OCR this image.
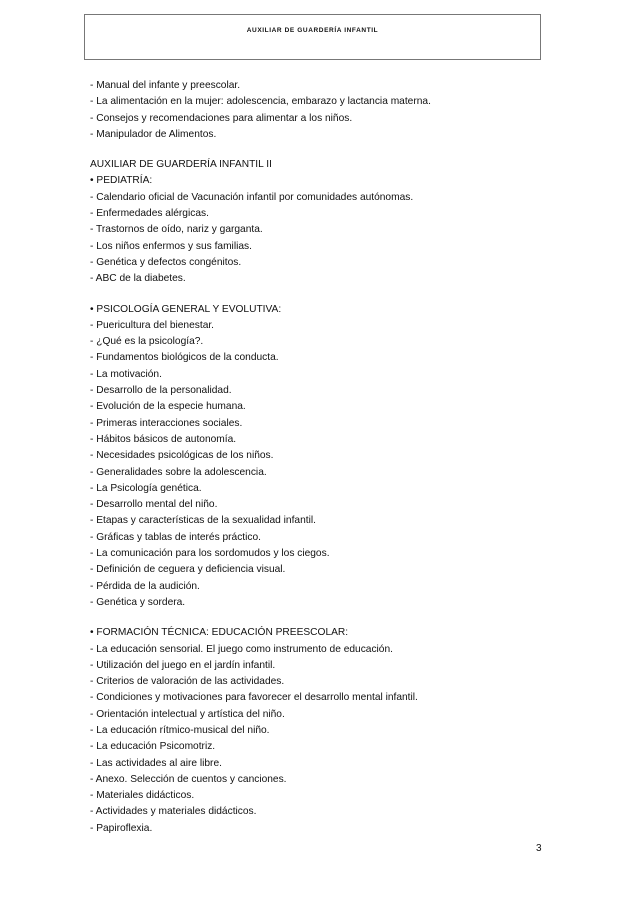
AUXILIAR DE GUARDERÍA INFANTIL
- Manual del infante y preescolar.
- La alimentación en la mujer: adolescencia, embarazo y lactancia materna.
- Consejos y recomendaciones para alimentar a los niños.
- Manipulador de Alimentos.
AUXILIAR DE GUARDERÍA INFANTIL II
• PEDIATRÍA:
- Calendario oficial de Vacunación infantil por comunidades autónomas.
- Enfermedades alérgicas.
- Trastornos de oído, nariz y garganta.
- Los niños enfermos y sus familias.
- Genética y defectos congénitos.
- ABC de la diabetes.
• PSICOLOGÍA GENERAL Y EVOLUTIVA:
- Puericultura del bienestar.
- ¿Qué es la psicología?.
- Fundamentos biológicos de la conducta.
- La motivación.
- Desarrollo de la personalidad.
- Evolución de la especie humana.
- Primeras interacciones sociales.
- Hábitos básicos de autonomía.
- Necesidades psicológicas de los niños.
- Generalidades sobre la adolescencia.
- La Psicología genética.
- Desarrollo mental del niño.
- Etapas y características de la sexualidad infantil.
- Gráficas y tablas de interés práctico.
- La comunicación para los sordomudos y los ciegos.
- Definición de ceguera y deficiencia visual.
- Pérdida de la audición.
- Genética y sordera.
• FORMACIÓN TÉCNICA: EDUCACIÓN PREESCOLAR:
- La educación sensorial. El juego como instrumento de educación.
- Utilización del juego en el jardín infantil.
- Criterios de valoración de las actividades.
- Condiciones y motivaciones para favorecer el desarrollo mental infantil.
- Orientación intelectual y artística del niño.
- La educación rítmico-musical del niño.
- La educación Psicomotriz.
- Las actividades al aire libre.
- Anexo. Selección de cuentos y canciones.
- Materiales didácticos.
- Actividades y materiales didácticos.
- Papiroflexia.
3
